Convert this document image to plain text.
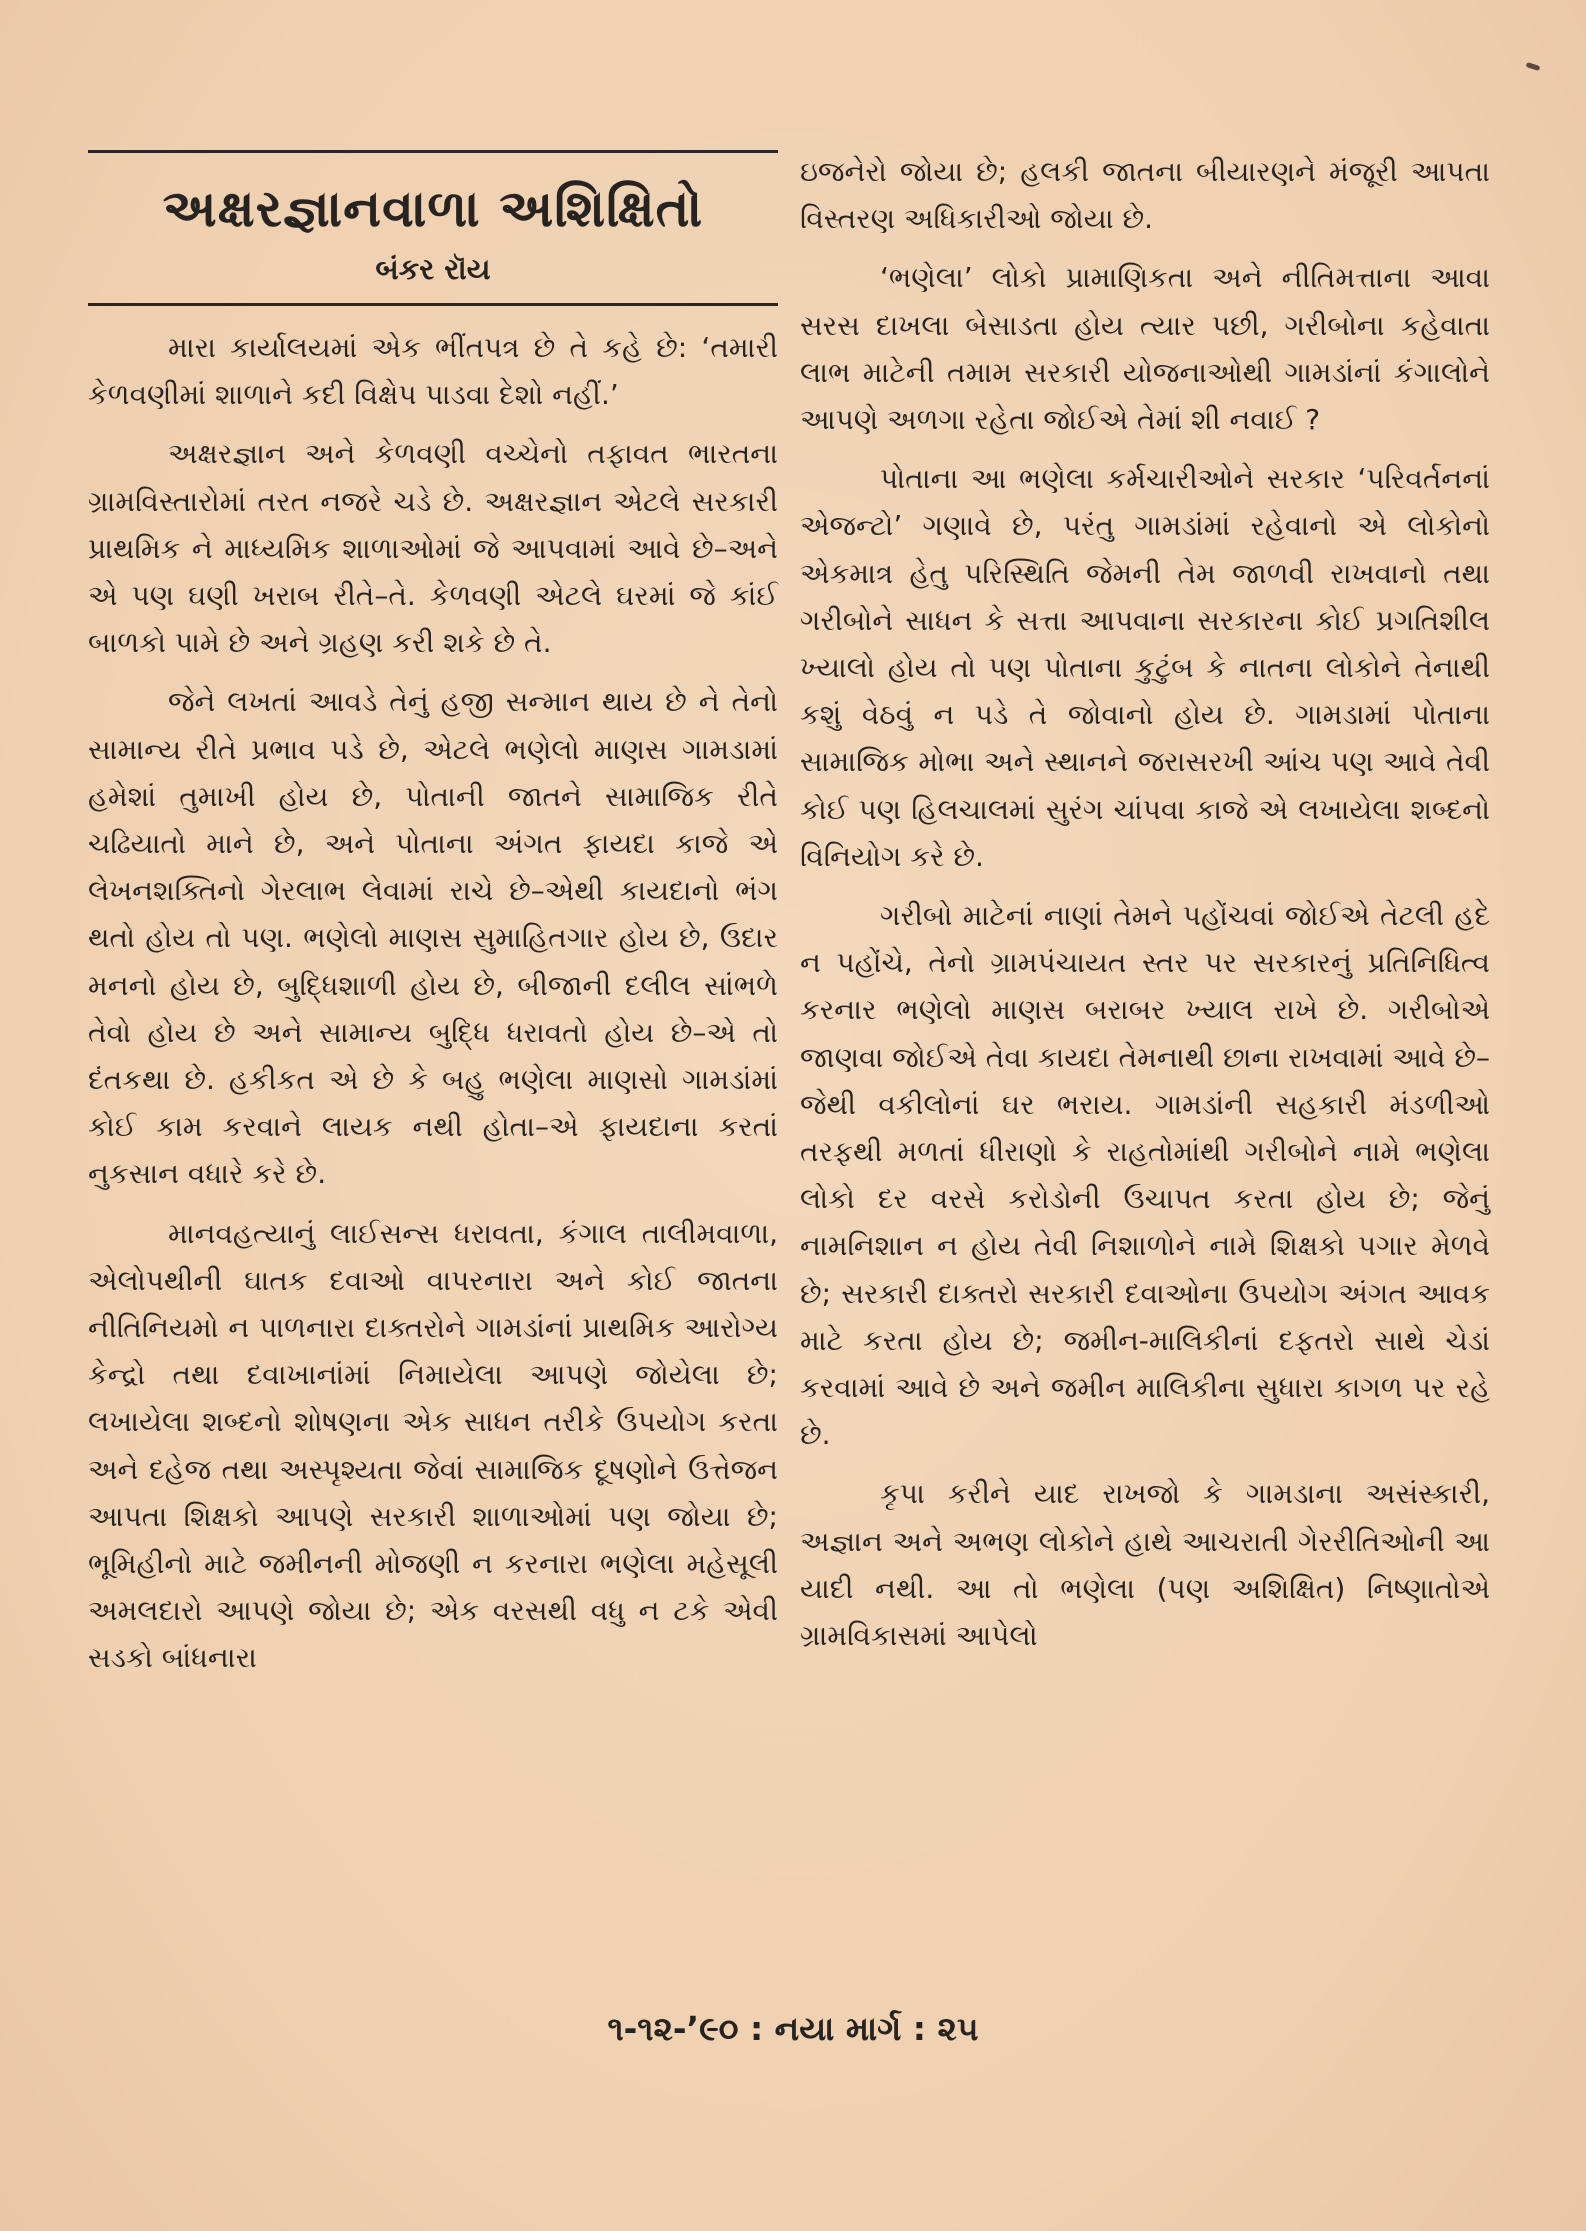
અક્ષરજ્ઞાનવાળા અશિક્ષિતો
બંકર રૉય

મારા કાર્યાલયમાં એક ભીંતપત્ર છે તે કહે છે: ‘તમારી કેળવણીમાં શાળાને કદી વિક્ષેપ પાડવા દેશો નહીં.’

અક્ષરજ્ઞાન અને કેળવણી વચ્ચેનો તફાવત ભારતના ગ્રામવિસ્તારોમાં તરત નજરે ચડે છે. અક્ષરજ્ઞાન એટલે સરકારી પ્રાથમિક ને માધ્યમિક શાળાઓમાં જે આપવામાં આવે છે–અને એ પણ ઘણી ખરાબ રીતે–તે. કેળવણી એટલે ઘરમાં જે કાંઈ બાળકો પામે છે અને ગ્રહણ કરી શકે છે તે.

જેને લખતાં આવડે તેનું હજી સન્માન થાય છે ને તેનો સામાન્ય રીતે પ્રભાવ પડે છે, એટલે ભણેલો માણસ ગામડામાં હમેશાં તુમાખી હોય છે, પોતાની જાતને સામાજિક રીતે ચઢિયાતો માને છે, અને પોતાના અંગત ફાયદા કાજે એ લેખનશક્તિનો ગેરલાભ લેવામાં રાચે છે–એથી કાયદાનો ભંગ થતો હોય તો પણ. ભણેલો માણસ સુમાહિતગાર હોય છે, ઉદાર મનનો હોય છે, બુદ્ધિશાળી હોય છે, બીજાની દલીલ સાંભળે તેવો હોય છે અને સામાન્ય બુદ્ધિ ધરાવતો હોય છે–એ તો દંતકથા છે. હકીકત એ છે કે બહુ ભણેલા માણસો ગામડાંમાં કોઈ કામ કરવાને લાયક નથી હોતા–એ ફાયદાના કરતાં નુકસાન વધારે કરે છે.

માનવહત્યાનું લાઈસન્સ ધરાવતા, કંગાલ તાલીમવાળા, એલોપથીની ઘાતક દવાઓ વાપરનારા અને કોઈ જાતના નીતિનિયમો ન પાળનારા દાક્તરોને ગામડાંનાં પ્રાથમિક આરોગ્ય કેન્દ્રો તથા દવાખાનાંમાં નિમાયેલા આપણે જોયેલા છે; લખાયેલા શબ્દનો શોષણના એક સાધન તરીકે ઉપયોગ કરતા અને દહેજ તથા અસ્પૃશ્યતા જેવાં સામાજિક દૂષણોને ઉત્તેજન આપતા શિક્ષકો આપણે સરકારી શાળાઓમાં પણ જોયા છે; ભૂમિહીનો માટે જમીનની મોજણી ન કરનારા ભણેલા મહેસૂલી અમલદારો આપણે જોયા છે; એક વરસથી વધુ ન ટકે એવી સડકો બાંધનારા

ઇજનેરો જોયા છે; હલકી જાતના બીયારણને મંજૂરી આપતા વિસ્તરણ અધિકારીઓ જોયા છે.

‘ભણેલા’ લોકો પ્રામાણિકતા અને નીતિમત્તાના આવા સરસ દાખલા બેસાડતા હોય ત્યાર પછી, ગરીબોના કહેવાતા લાભ માટેની તમામ સરકારી યોજનાઓથી ગામડાંનાં કંગાલોને આપણે અળગા રહેતા જોઈએ તેમાં શી નવાઈ ?

પોતાના આ ભણેલા કર્મચારીઓને સરકાર ‘પરિવર્તનનાં એજન્ટો’ ગણાવે છે, પરંતુ ગામડાંમાં રહેવાનો એ લોકોનો એકમાત્ર હેતુ પરિસ્થિતિ જેમની તેમ જાળવી રાખવાનો તથા ગરીબોને સાધન કે સત્તા આપવાના સરકારના કોઈ પ્રગતિશીલ ખ્યાલો હોય તો પણ પોતાના કુટુંબ કે નાતના લોકોને તેનાથી કશું વેઠવું ન પડે તે જોવાનો હોય છે. ગામડામાં પોતાના સામાજિક મોભા અને સ્થાનને જરાસરખી આંચ પણ આવે તેવી કોઈ પણ હિલચાલમાં સુરંગ ચાંપવા કાજે એ લખાયેલા શબ્દનો વિનિયોગ કરે છે.

ગરીબો માટેનાં નાણાં તેમને પહોંચવાં જોઈએ તેટલી હદે ન પહોંચે, તેનો ગ્રામપંચાયત સ્તર પર સરકારનું પ્રતિનિધિત્વ કરનાર ભણેલો માણસ બરાબર ખ્યાલ રાખે છે. ગરીબોએ જાણવા જોઈએ તેવા કાયદા તેમનાથી છાના રાખવામાં આવે છે–જેથી વકીલોનાં ઘર ભરાય. ગામડાંની સહકારી મંડળીઓ તરફથી મળતાં ધીરાણો કે રાહતોમાંથી ગરીબોને નામે ભણેલા લોકો દર વરસે કરોડોની ઉચાપત કરતા હોય છે; જેનું નામનિશાન ન હોય તેવી નિશાળોને નામે શિક્ષકો પગાર મેળવે છે; સરકારી દાક્તરો સરકારી દવાઓના ઉપયોગ અંગત આવક માટે કરતા હોય છે; જમીન-માલિકીનાં દફતરો સાથે ચેડાં કરવામાં આવે છે અને જમીન માલિકીના સુધારા કાગળ પર રહે છે.

કૃપા કરીને યાદ રાખજો કે ગામડાના અસંસ્કારી, અજ્ઞાન અને અભણ લોકોને હાથે આચરાતી ગેરરીતિઓની આ યાદી નથી. આ તો ભણેલા (પણ અશિક્ષિત) નિષ્ણાતોએ ગ્રામવિકાસમાં આપેલો

૧-૧૨-’૯૦ : નયા માર્ગ : ૨૫
